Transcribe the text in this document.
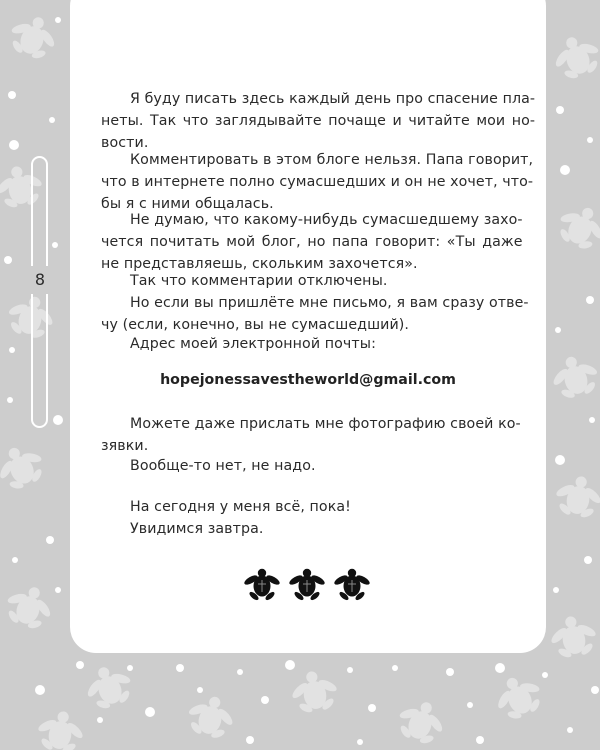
8

Я буду писать здесь каждый день про спасение пла-
неты. Так что заглядывайте почаще и читайте мои но-
вости.

Комментировать в этом блоге нельзя. Папа говорит,
что в интернете полно сумасшедших и он не хочет, что-
бы я с ними общалась.

Не думаю, что какому-нибудь сумасшедшему захо-
чется почитать мой блог, но папа говорит: «Ты даже
не представляешь, скольким захочется».

Так что комментарии отключены.

Но если вы пришлёте мне письмо, я вам сразу отве-
чу (если, конечно, вы не сумасшедший).

Адрес моей электронной почты:

hopejonessavestheworld@gmail.com

Можете даже прислать мне фотографию своей ко-
зявки.

Вообще-то нет, не надо.

На сегодня у меня всё, пока!

Увидимся завтра.
